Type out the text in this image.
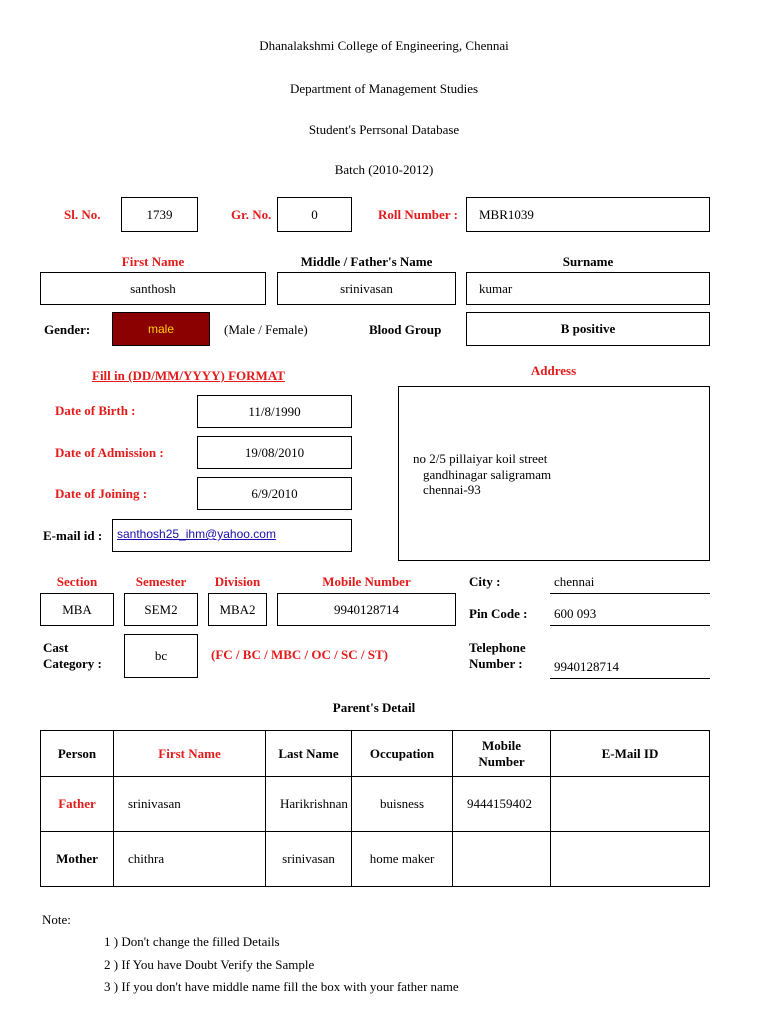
Dhanalakshmi College of Engineering, Chennai
Department of Management Studies
Student's Perrsonal Database
Batch (2010-2012)
Sl. No.	1739	Gr. No.	0	Roll Number :	MBR1039
First Name	Middle / Father's Name	Surname
santhosh	srinivasan	kumar
Gender:	male	(Male / Female)	Blood Group	B positive
Fill in (DD/MM/YYYY) FORMAT
Date of Birth :	11/8/1990
Date of Admission :	19/08/2010
Date of Joining :	6/9/2010
E-mail id : santhosh25_ihm@yahoo.com
Address
no 2/5 pillaiyar koil street
gandhinagar saligramam
chennai-93
Section	Semester	Division	Mobile Number
MBA	SEM2	MBA2	9940128714
City :	chennai
Pin Code :	600 093
Telephone
Number :	9940128714
Cast
Category :
bc	(FC / BC / MBC / OC / SC / ST)
Parent's Detail
Person	First Name	Last Name	Occupation	Mobile Number	E-Mail ID

Father	srinivasan	Harikrishnan	buisness	9444159402	

Mother	chithra	srinivasan	home maker		

Note:
1 ) Don't change the filled Details
2 ) If You have Doubt Verify the Sample
3 ) If you don't have middle name fill the box with your father name
